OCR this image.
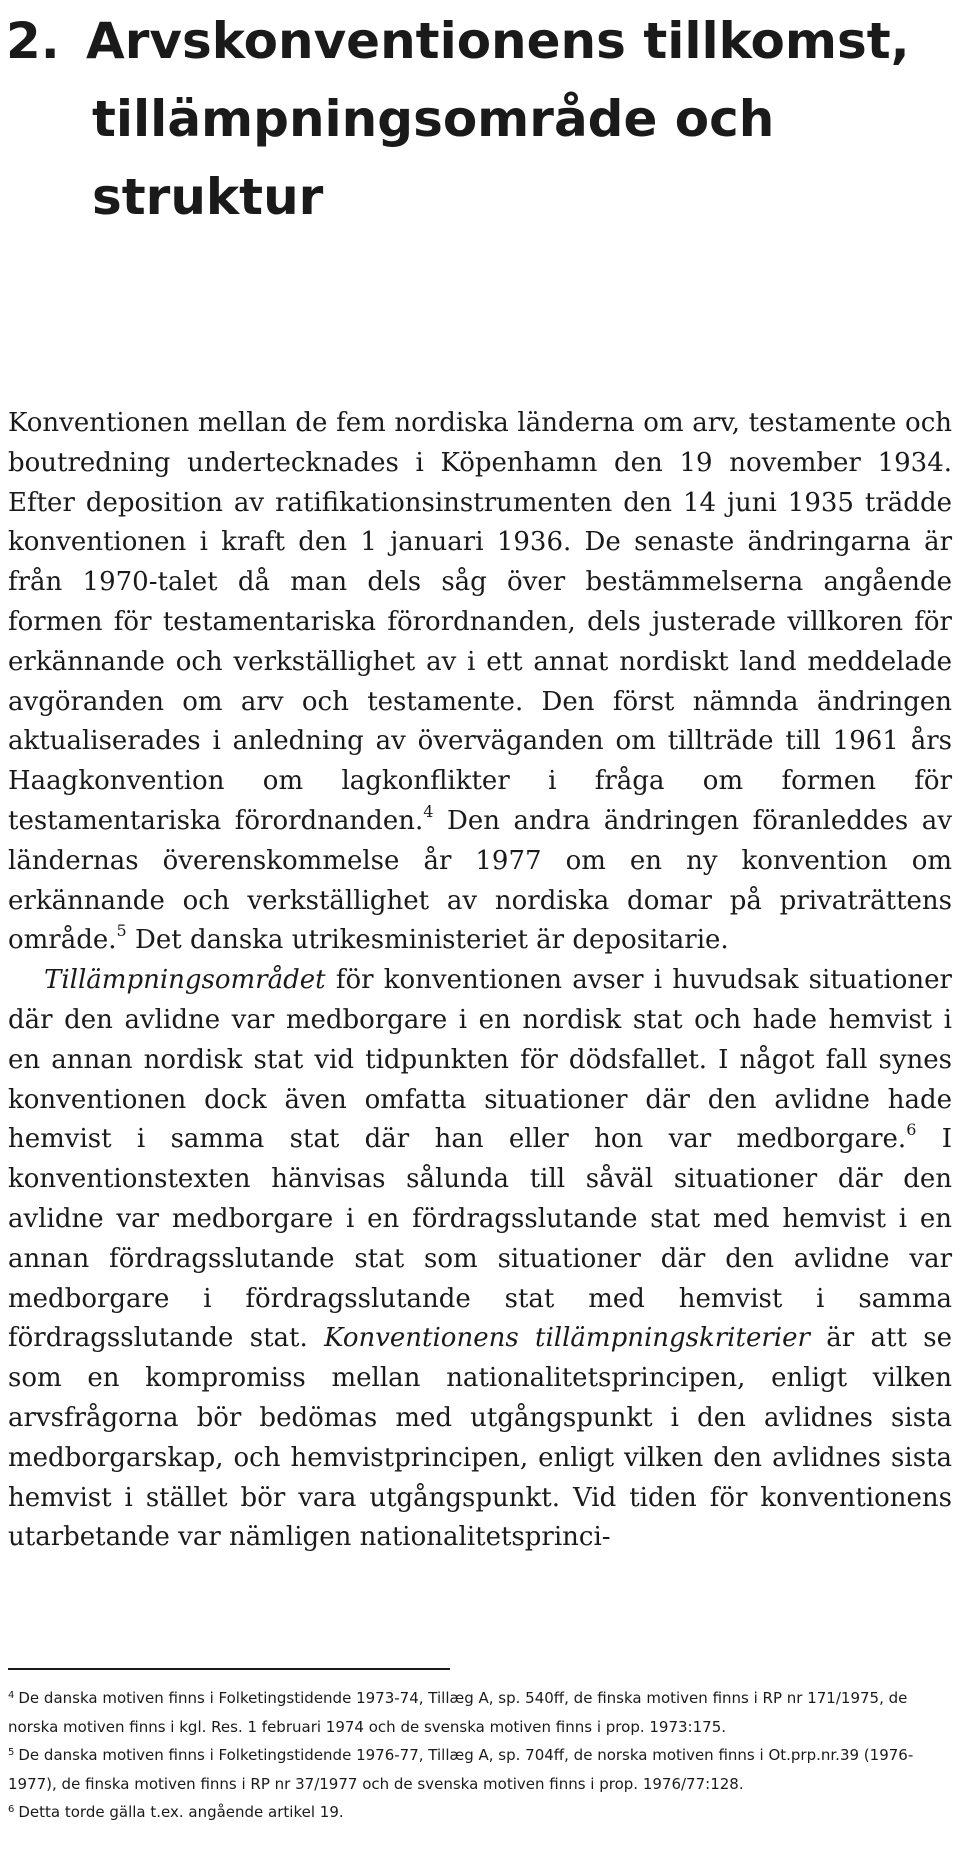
2. Arvskonventionens tillkomst,
tillämpningsområde och
struktur

Konventionen mellan de fem nordiska länderna om arv, testamente och boutredning undertecknades i Köpenhamn den 19 november 1934. Efter deposition av ratifikationsinstrumenten den 14 juni 1935 trädde konventionen i kraft den 1 januari 1936. De senaste ändringarna är från 1970-talet då man dels såg över bestämmelserna angående formen för testamentariska förordnanden, dels justerade villkoren för erkännande och verkställighet av i ett annat nordiskt land meddelade avgöranden om arv och testamente. Den först nämnda ändringen aktualiserades i anledning av överväganden om tillträde till 1961 års Haagkonvention om lagkonflikter i fråga om formen för testamentariska förordnanden.$^4$ Den andra ändringen föranleddes av ländernas överenskommelse år 1977 om en ny konvention om erkännande och verkställighet av nordiska domar på privaträttens område.$^5$ Det danska utrikesministeriet är depositarie.

Tillämpningsområdet för konventionen avser i huvudsak situationer där den avlidne var medborgare i en nordisk stat och hade hemvist i en annan nordisk stat vid tidpunkten för dödsfallet. I något fall synes konventionen dock även omfatta situationer där den avlidne hade hemvist i samma stat där han eller hon var medborgare.$^6$ I konventionstexten hänvisas sålunda till såväl situationer där den avlidne var medborgare i en fördragsslutande stat med hemvist i en annan fördragsslutande stat som situationer där den avlidne var medborgare i fördragsslutande stat med hemvist i samma fördragsslutande stat. Konventionens tillämpningskriterier är att se som en kompromiss mellan nationalitetsprincipen, enligt vilken arvsfrågorna bör bedömas med utgångspunkt i den avlidnes sista medborgarskap, och hemvistprincipen, enligt vilken den avlidnes sista hemvist i stället bör vara utgångspunkt. Vid tiden för konventionens utarbetande var nämligen nationalitetsprinci-

$^4$ De danska motiven finns i Folketingstidende 1973-74, Tillæg A, sp. 540ff, de finska motiven finns i RP nr 171/1975, de norska motiven finns i kgl. Res. 1 februari 1974 och de svenska motiven finns i prop. 1973:175.

$^5$ De danska motiven finns i Folketingstidende 1976-77, Tillæg A, sp. 704ff, de norska motiven finns i Ot.prp.nr.39 (1976-1977), de finska motiven finns i RP nr 37/1977 och de svenska motiven finns i prop. 1976/77:128.

$^6$ Detta torde gälla t.ex. angående artikel 19.
